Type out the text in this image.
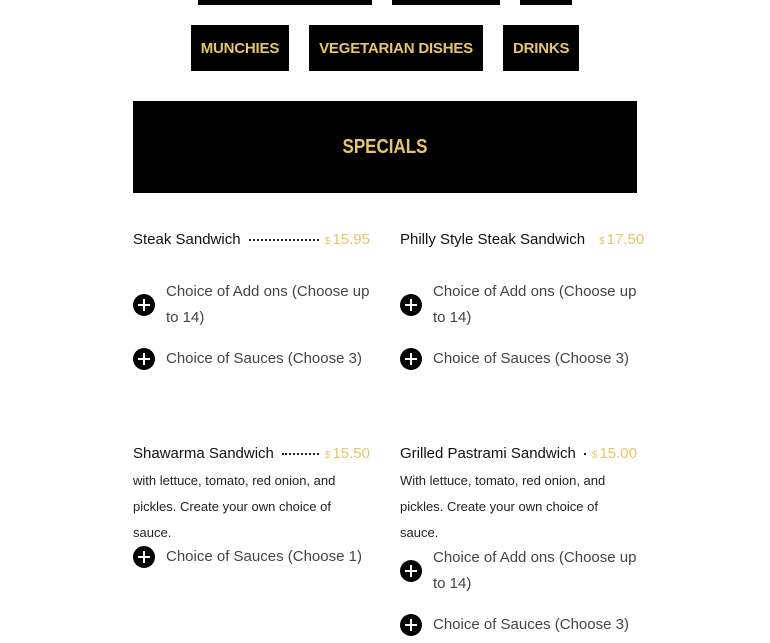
MUNCHIES	VEGETARIAN DISHES	DRINKS
SPECIALS
Steak Sandwich	$ 15.95
Choice of Add ons (Choose up to 14)
Choice of Sauces (Choose 3)
Philly Style Steak Sandwich $ 17.50
Choice of Add ons (Choose up to 14)
Choice of Sauces (Choose 3)
Shawarma Sandwich	$ 15.50
with lettuce, tomato, red onion, and pickles. Create your own choice of sauce.
Choice of Sauces (Choose 1)
Grilled Pastrami Sandwich $ 15.00
With lettuce, tomato, red onion, and pickles. Create your own choice of sauce.
Choice of Add ons (Choose up to 14)
Choice of Sauces (Choose 3)
